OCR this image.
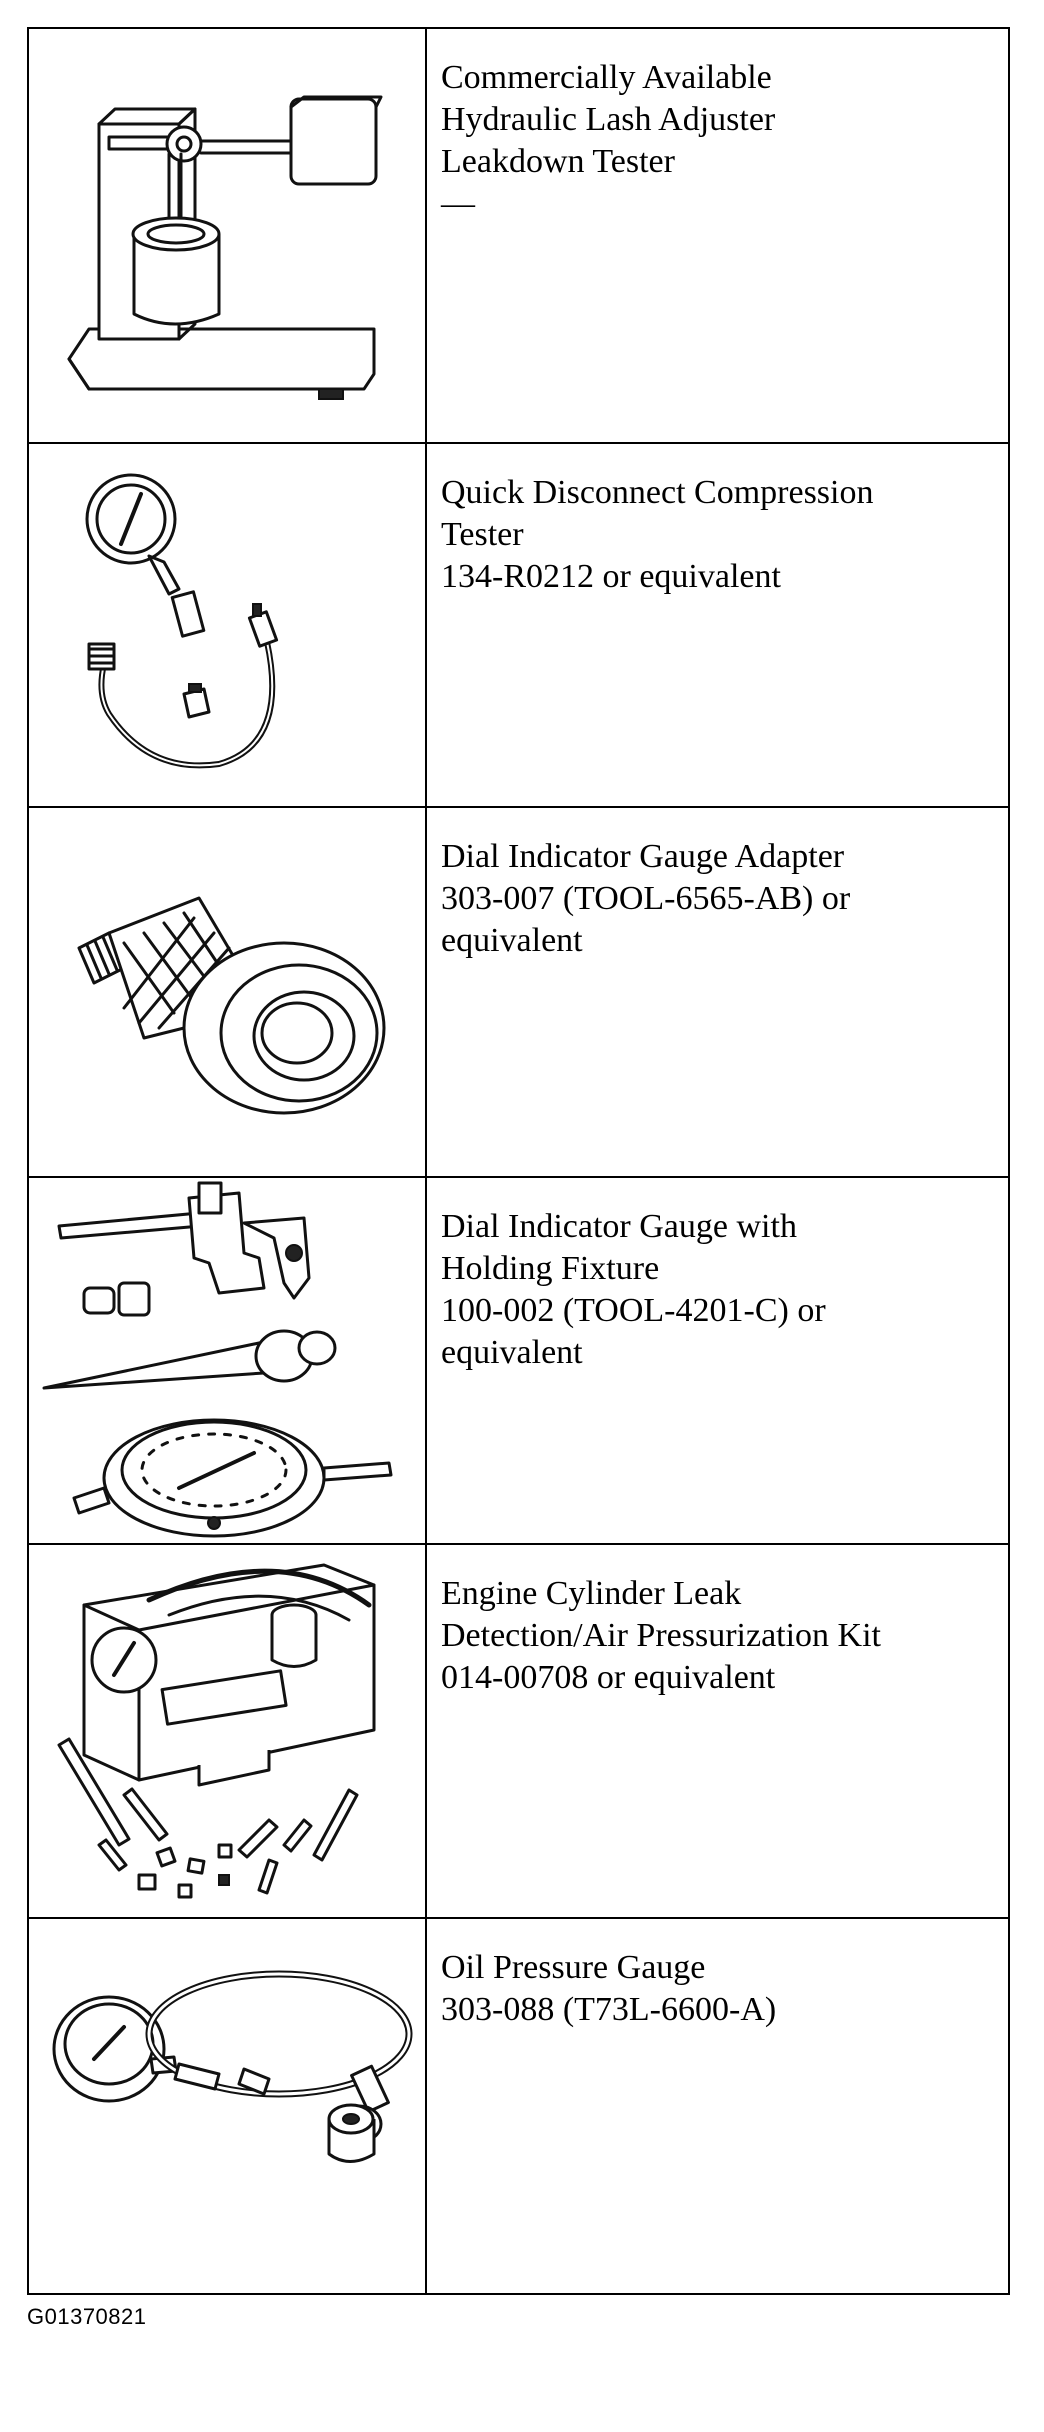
Commercially Available
Hydraulic Lash Adjuster
Leakdown Tester
—

Quick Disconnect Compression
Tester
134-R0212 or equivalent

Dial Indicator Gauge Adapter
303-007 (TOOL-6565-AB) or
equivalent

Dial Indicator Gauge with
Holding Fixture
100-002 (TOOL-4201-C) or
equivalent

Engine Cylinder Leak
Detection/Air Pressurization Kit
014-00708 or equivalent

Oil Pressure Gauge
303-088 (T73L-6600-A)
G01370821
